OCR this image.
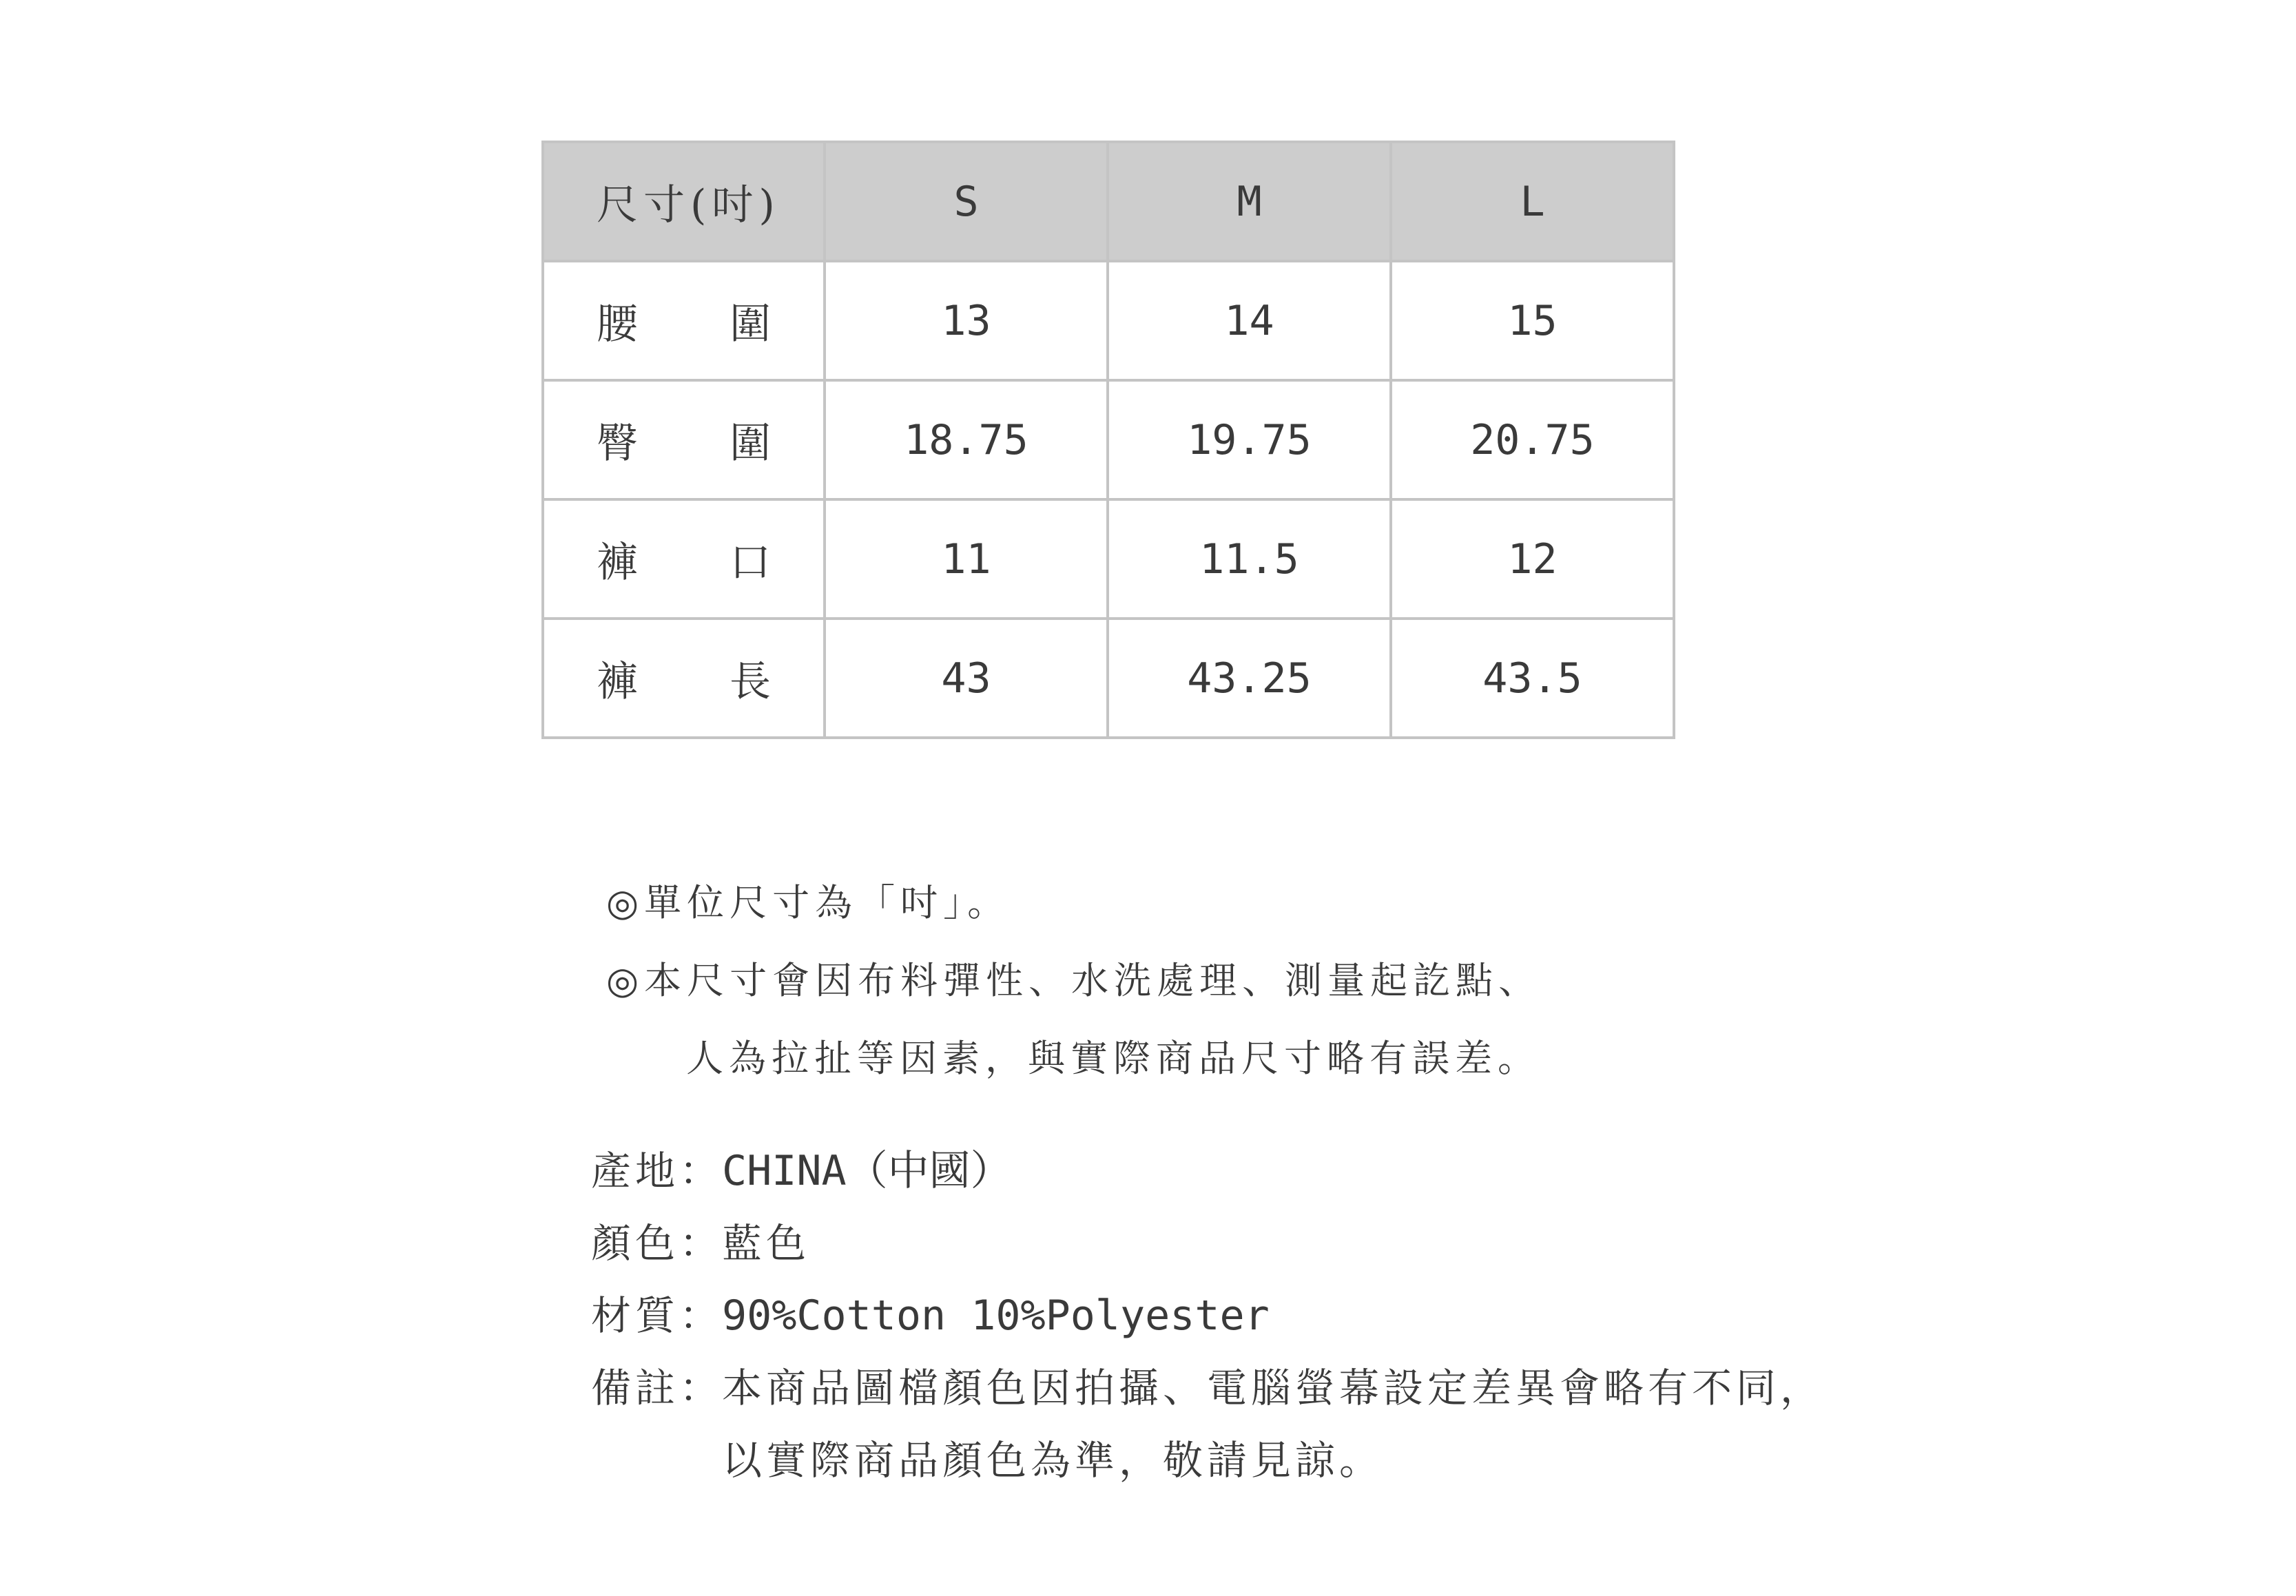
尺寸(吋)	S	M	L

腰 圍	13	14	15

臀 圍	18.75	19.75	20.75

褲 口	11	11.5	12

褲 長	43	43.25	43.5
◎單位尺寸為「吋」。
◎本尺寸會因布料彈性、水洗處理、測量起訖點、
人為拉扯等因素，與實際商品尺寸略有誤差。
產地：
CHINA（中國）
顏色：
藍色
材質：
90%Cotton 10%Polyester
備註：
本商品圖檔顏色因拍攝、電腦螢幕設定差異會略有不同，
以實際商品顏色為準，敬請見諒。
